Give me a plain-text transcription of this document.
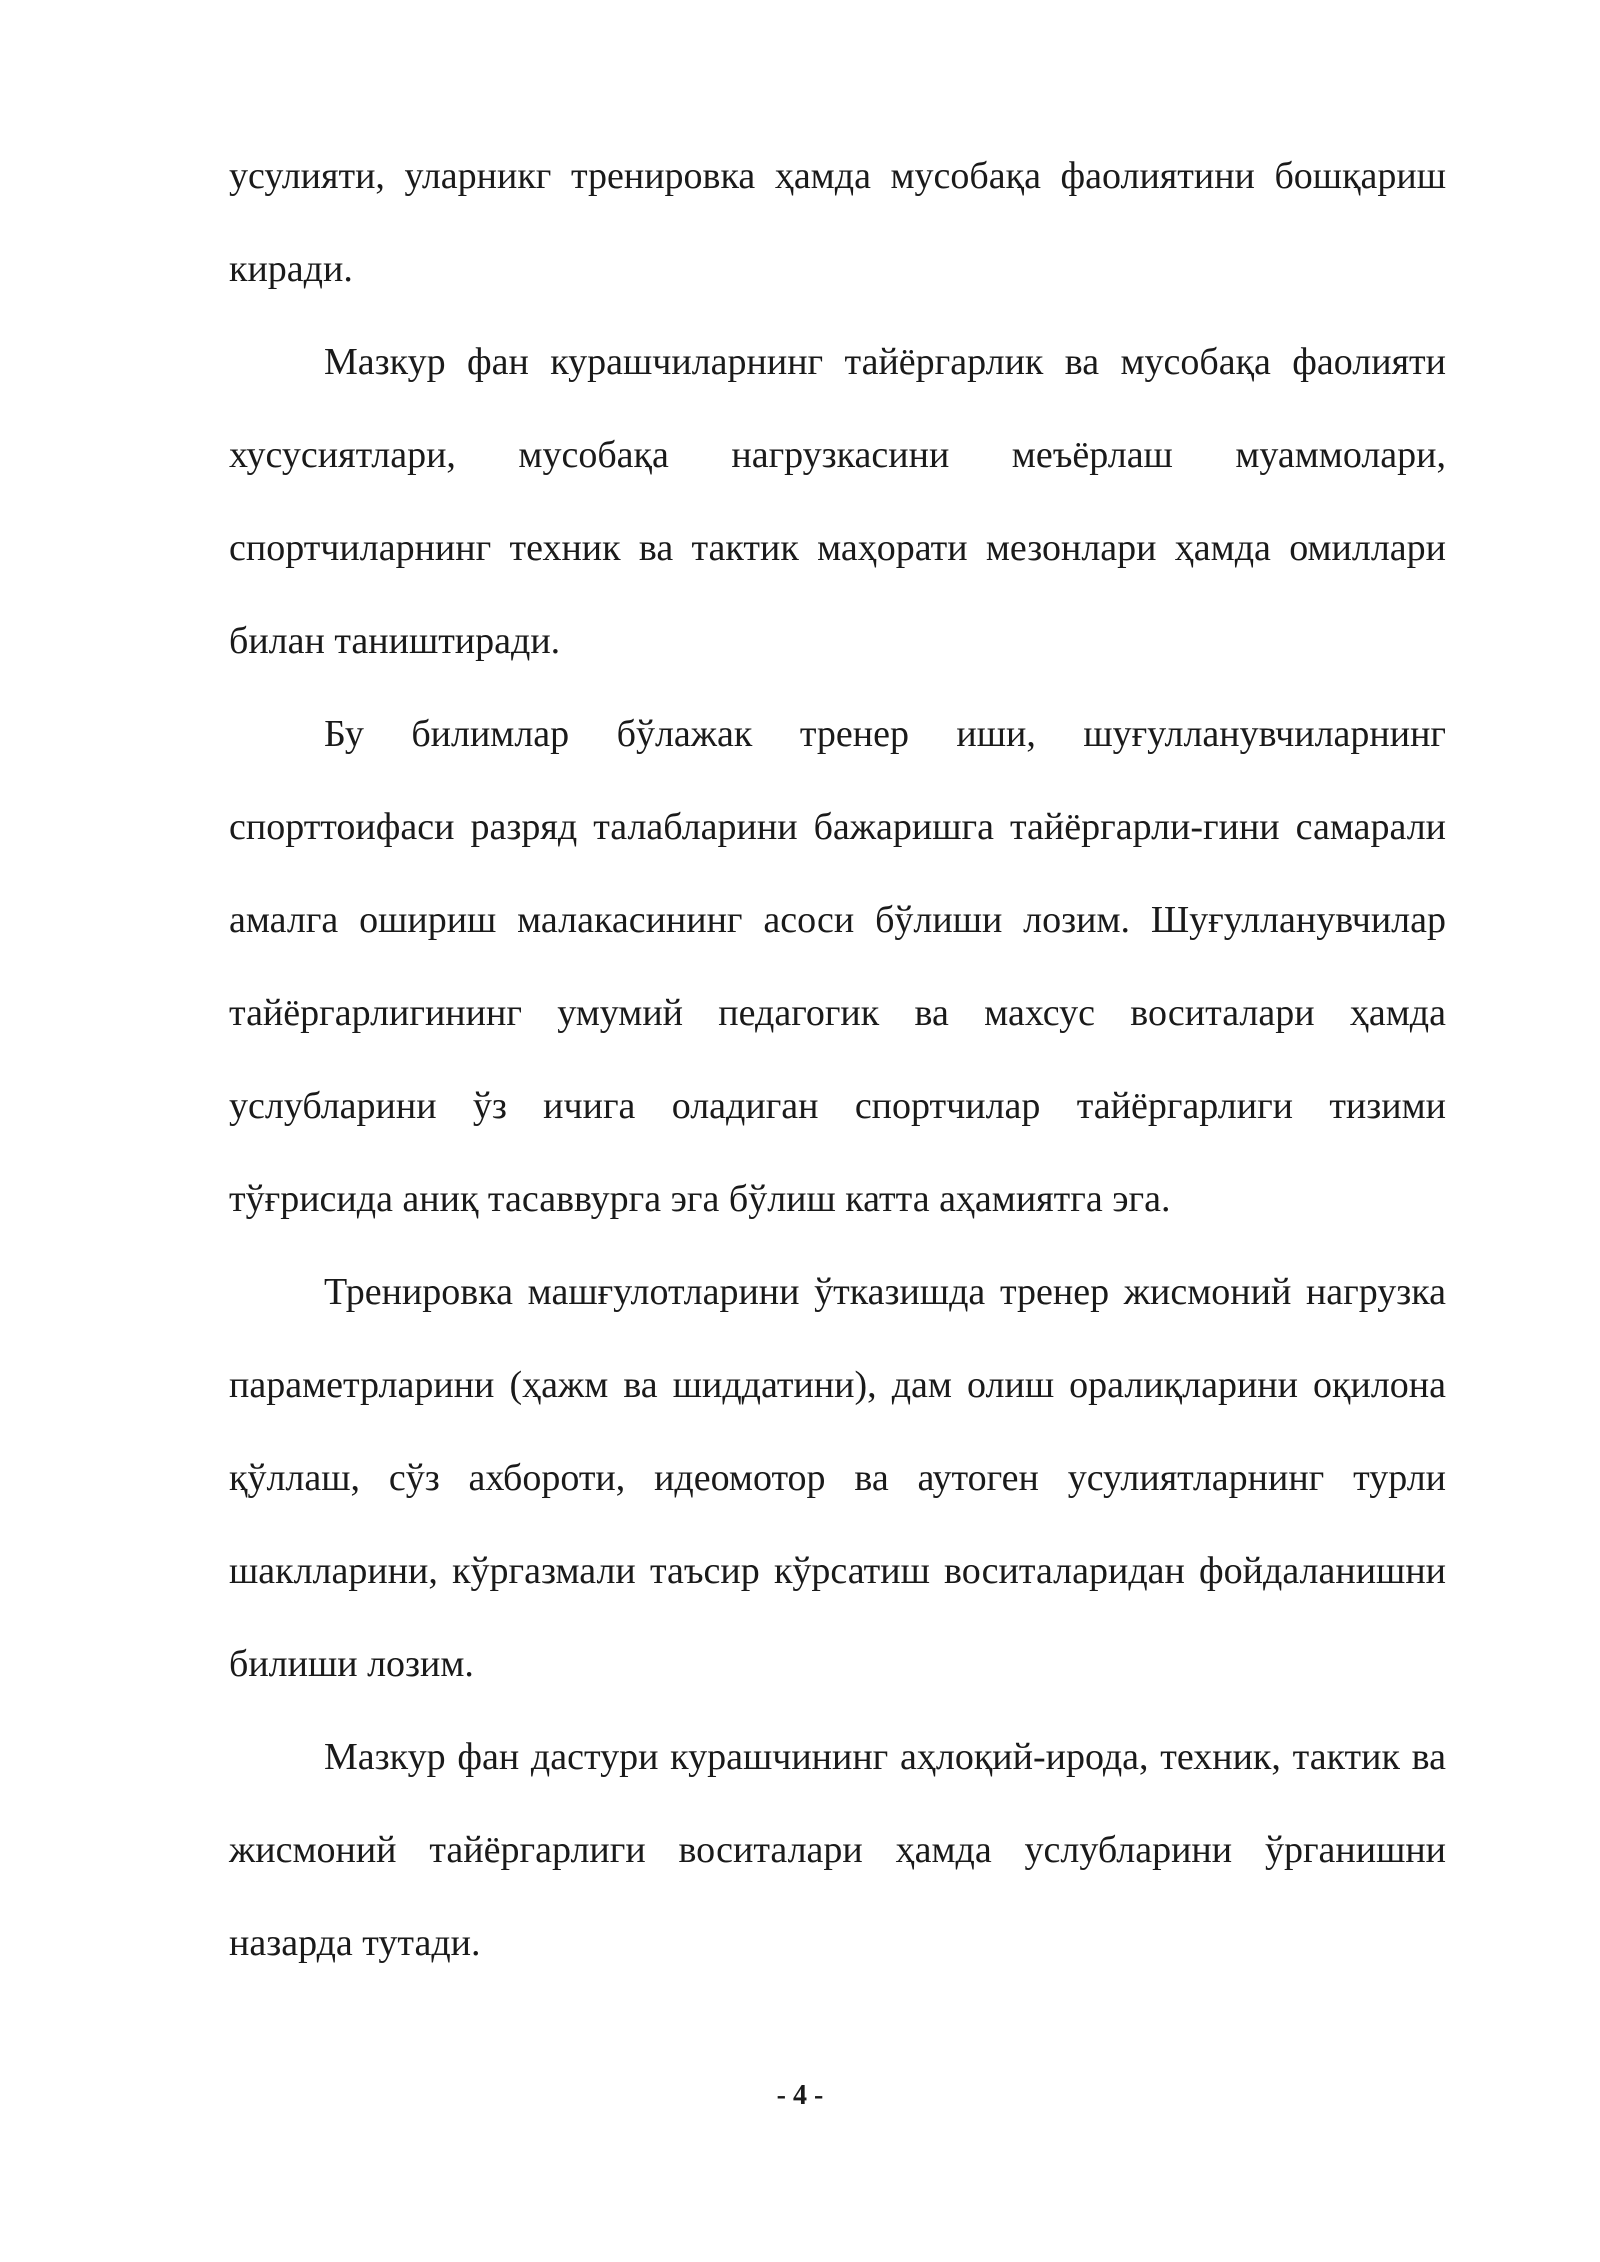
усулияти, уларникг тренировка ҳамда мусобақа фаолиятини бошқариш киради.

Мазкур фан курашчиларнинг тайёргарлик ва мусобақа фаолияти хусусиятлари, мусобақа нагрузкасини меъёрлаш муаммолари, спортчиларнинг техник ва тактик маҳорати мезонлари ҳамда омиллари билан таништиради.

Бу билимлар бўлажак тренер иши, шуғулланувчиларнинг спорттоифаси разряд талабларини бажаришга тайёргарли-гини самарали амалга ошириш малакасининг асоси бўлиши лозим. Шуғулланувчилар тайёргарлигининг умумий педагогик ва махсус воситалари ҳамда услубларини ўз ичига оладиган спортчилар тайёргарлиги тизими тўғрисида аниқ тасаввурга эга бўлиш катта аҳамиятга эга.

Тренировка машғулотларини ўтказишда тренер жисмоний нагрузка параметрларини (ҳажм ва шиддатини), дам олиш оралиқларини оқилона қўллаш, сўз ахбороти, идеомотор ва аутоген усулиятларнинг турли шаклларини, кўргазмали таъсир кўрсатиш воситаларидан фойдаланишни билиши лозим.

Мазкур фан дастури курашчининг аҳлоқий-ирода, техник, тактик ва жисмоний тайёргарлиги воситалари ҳамда услубларини ўрганишни назарда тутади.

- 4 -
